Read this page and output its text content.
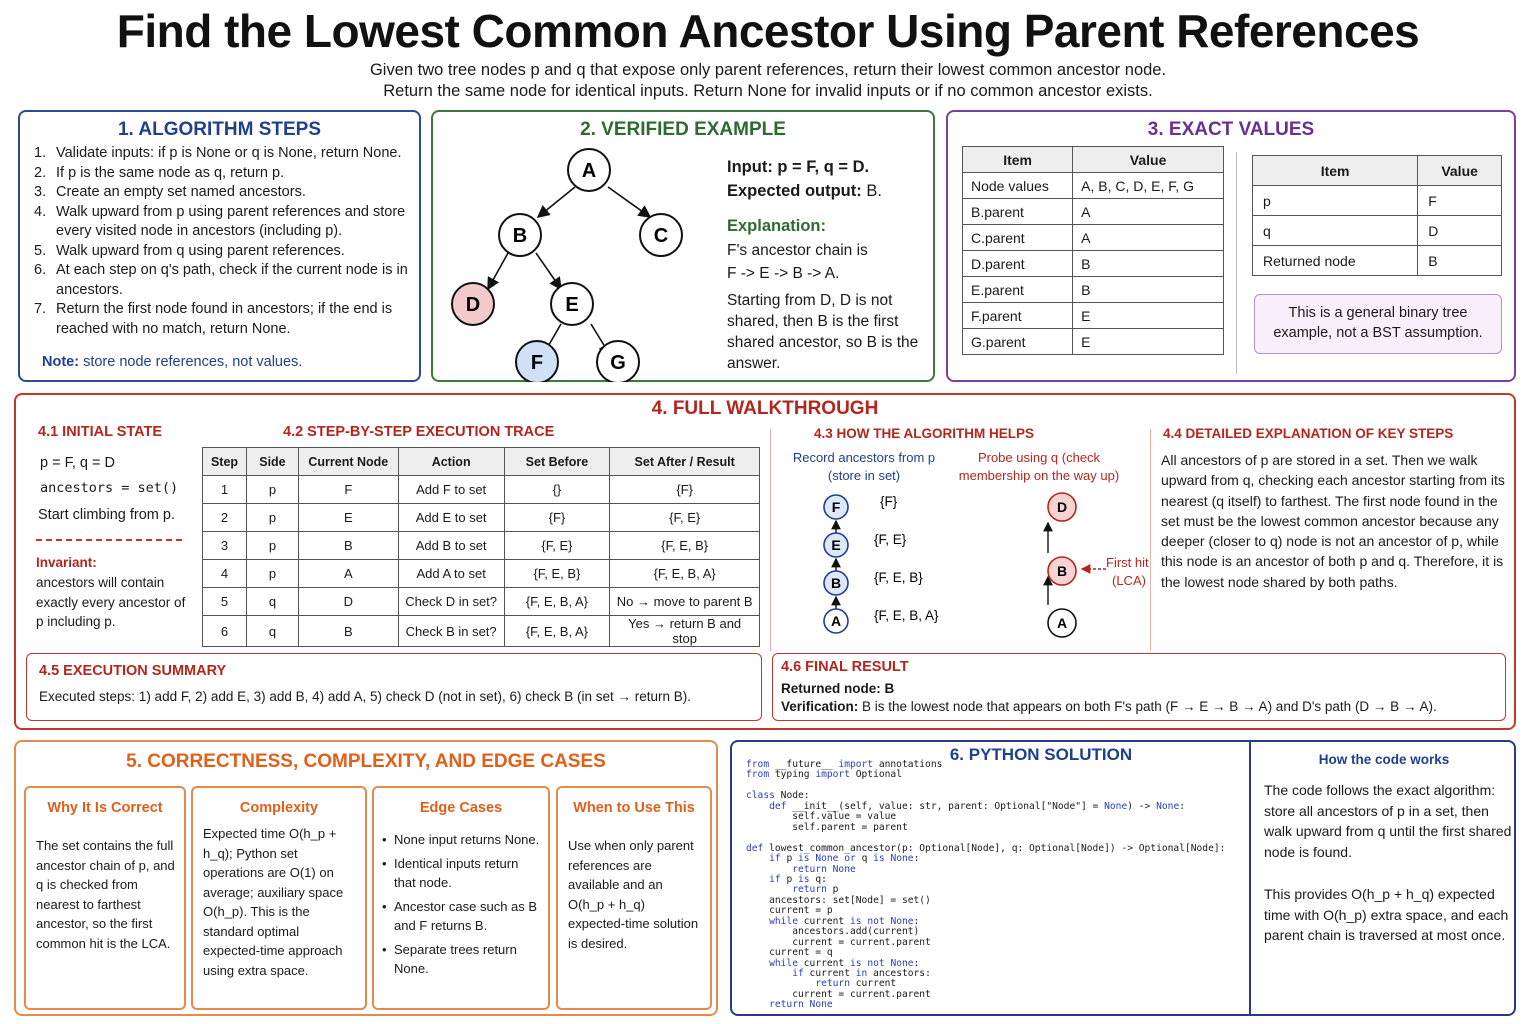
Find the Lowest Common Ancestor Using Parent References
Given two tree nodes p and q that expose only parent references, return their lowest common ancestor node.
Return the same node for identical inputs. Return None for invalid inputs or if no common ancestor exists.
1. ALGORITHM STEPS
1. Validate inputs: if p is None or q is None, return None.
2. If p is the same node as q, return p.
3. Create an empty set named ancestors.
4. Walk upward from p using parent references and store every visited node in ancestors (including p).
5. Walk upward from q using parent references.
6. At each step on q's path, check if the current node is in ancestors.
7. Return the first node found in ancestors; if the end is reached with no match, return None.
Note: store node references, not values.
2. VERIFIED EXAMPLE
A
B	C
D	E
F	G
Input: p = F, q = D.
Expected output: B.
Explanation:
F's ancestor chain is
F -> E -> B -> A.
Starting from D, D is not shared, then B is the first shared ancestor, so B is the answer.
3. EXACT VALUES
Item	Value
Node values	A, B, C, D, E, F, G
B.parent	A
C.parent	A
D.parent	B
E.parent	B
F.parent	E
G.parent	E
Item	Value
p	F
q	D
Returned node	B
This is a general binary tree example, not a BST assumption.
4. FULL WALKTHROUGH
4.1 INITIAL STATE
p = F, q = D
ancestors = set()
Start climbing from p.
Invariant:
ancestors will contain exactly every ancestor of p including p.
4.2 STEP-BY-STEP EXECUTION TRACE
Step	Side	Current Node	Action	Set Before	Set After / Result
1	p	F	Add F to set	{}	{F}
2	p	E	Add E to set	{F}	{F, E}
3	p	B	Add B to set	{F, E}	{F, E, B}
4	p	A	Add A to set	{F, E, B}	{F, E, B, A}
5	q	D	Check D in set?	{F, E, B, A}	No → move to parent B
6	q	B	Check B in set?	{F, E, B, A}	Yes → return B and stop
4.3 HOW THE ALGORITHM HELPS
Record ancestors from p (store in set)
Probe using q (check membership on the way up)
F	{F}
E {F, E}
B {F, E, B}
A {F, E, B, A}
D
B
A
First hit
(LCA)
4.4 DETAILED EXPLANATION OF KEY STEPS
All ancestors of p are stored in a set. Then we walk upward from q, checking each ancestor starting from its nearest (q itself) to farthest. The first node found in the set must be the lowest common ancestor because any deeper (closer to q) node is not an ancestor of p, while this node is an ancestor of both p and q. Therefore, it is the lowest node shared by both paths.
4.5 EXECUTION SUMMARY
Executed steps: 1) add F, 2) add E, 3) add B, 4) add A, 5) check D (not in set), 6) check B (in set → return B).
4.6 FINAL RESULT
Returned node: B
Verification: B is the lowest node that appears on both F's path (F → E → B → A) and D's path (D → B → A).
5. CORRECTNESS, COMPLEXITY, AND EDGE CASES
Why It Is Correct
The set contains the full ancestor chain of p, and q is checked from nearest to farthest ancestor, so the first common hit is the LCA.
Complexity
Expected time O(h_p + h_q); Python set operations are O(1) on average; auxiliary space O(h_p). This is the standard optimal expected-time approach using extra space.
Edge Cases
• None input returns None.
• Identical inputs return that node.
• Ancestor case such as B and F returns B.
• Separate trees return None.
When to Use This
Use when only parent references are available and an O(h_p + h_q) expected-time solution is desired.
6. PYTHON SOLUTION
from __future__ import annotations
from typing import Optional
class Node:
def __init__(self, value: str, parent: Optional["Node"] = None) -> None:
self.value = value
self.parent = parent
def lowest_common_ancestor(p: Optional[Node], q: Optional[Node]) -> Optional[Node]:
if p is None or q is None:
return None
if p is q:
return p
ancestors: set[Node] = set()
current = p
while current is not None:
ancestors.add(current)
current = current.parent
current = q
while current is not None:
if current in ancestors:
return current
current = current.parent
return None
How the code works
The code follows the exact algorithm: store all ancestors of p in a set, then walk upward from q until the first shared node is found.
This provides O(h_p + h_q) expected time with O(h_p) extra space, and each parent chain is traversed at most once.
